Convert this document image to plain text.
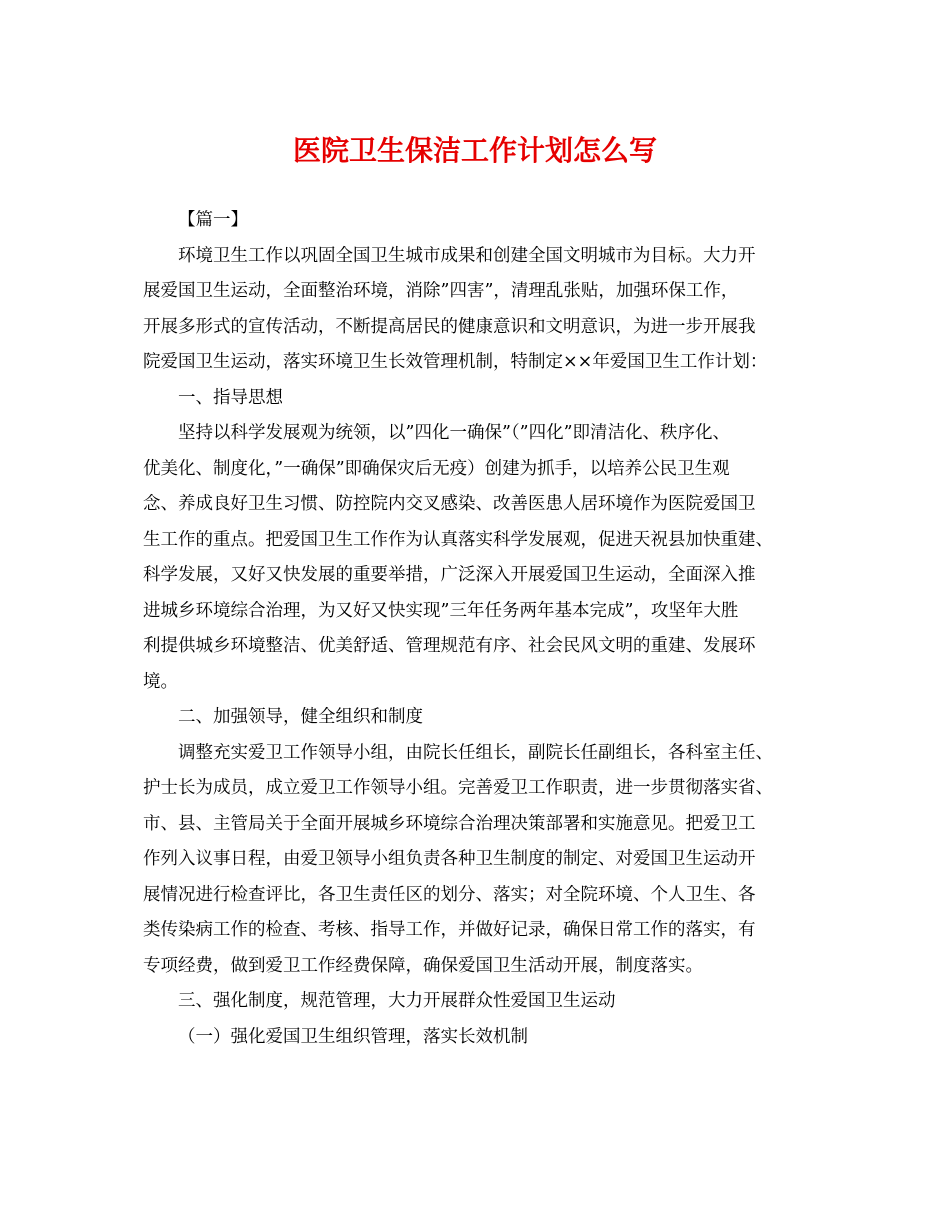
医院卫生保洁工作计划怎么写
【篇一】
环境卫生工作以巩固全国卫生城市成果和创建全国文明城市为目标。大力开
展爱国卫生运动，全面整治环境，消除”四害”，清理乱张贴，加强环保工作，
开展多形式的宣传活动，不断提高居民的健康意识和文明意识，为进一步开展我
院爱国卫生运动，落实环境卫生长效管理机制，特制定××年爱国卫生工作计划：
一、指导思想
坚持以科学发展观为统领，以”四化一确保”（”四化”即清洁化、秩序化、
优美化、制度化，”一确保”即确保灾后无疫）创建为抓手，以培养公民卫生观
念、养成良好卫生习惯、防控院内交叉感染、改善医患人居环境作为医院爱国卫
生工作的重点。把爱国卫生工作作为认真落实科学发展观，促进天祝县加快重建、
科学发展，又好又快发展的重要举措，广泛深入开展爱国卫生运动，全面深入推
进城乡环境综合治理，为又好又快实现”三年任务两年基本完成”，攻坚年大胜
利提供城乡环境整洁、优美舒适、管理规范有序、社会民风文明的重建、发展环
境。
二、加强领导，健全组织和制度
调整充实爱卫工作领导小组，由院长任组长，副院长任副组长，各科室主任、
护士长为成员，成立爱卫工作领导小组。完善爱卫工作职责，进一步贯彻落实省、
市、县、主管局关于全面开展城乡环境综合治理决策部署和实施意见。把爱卫工
作列入议事日程，由爱卫领导小组负责各种卫生制度的制定、对爱国卫生运动开
展情况进行检查评比，各卫生责任区的划分、落实；对全院环境、个人卫生、各
类传染病工作的检查、考核、指导工作，并做好记录，确保日常工作的落实，有
专项经费，做到爱卫工作经费保障，确保爱国卫生活动开展，制度落实。
三、强化制度，规范管理，大力开展群众性爱国卫生运动
（一）强化爱国卫生组织管理，落实长效机制
